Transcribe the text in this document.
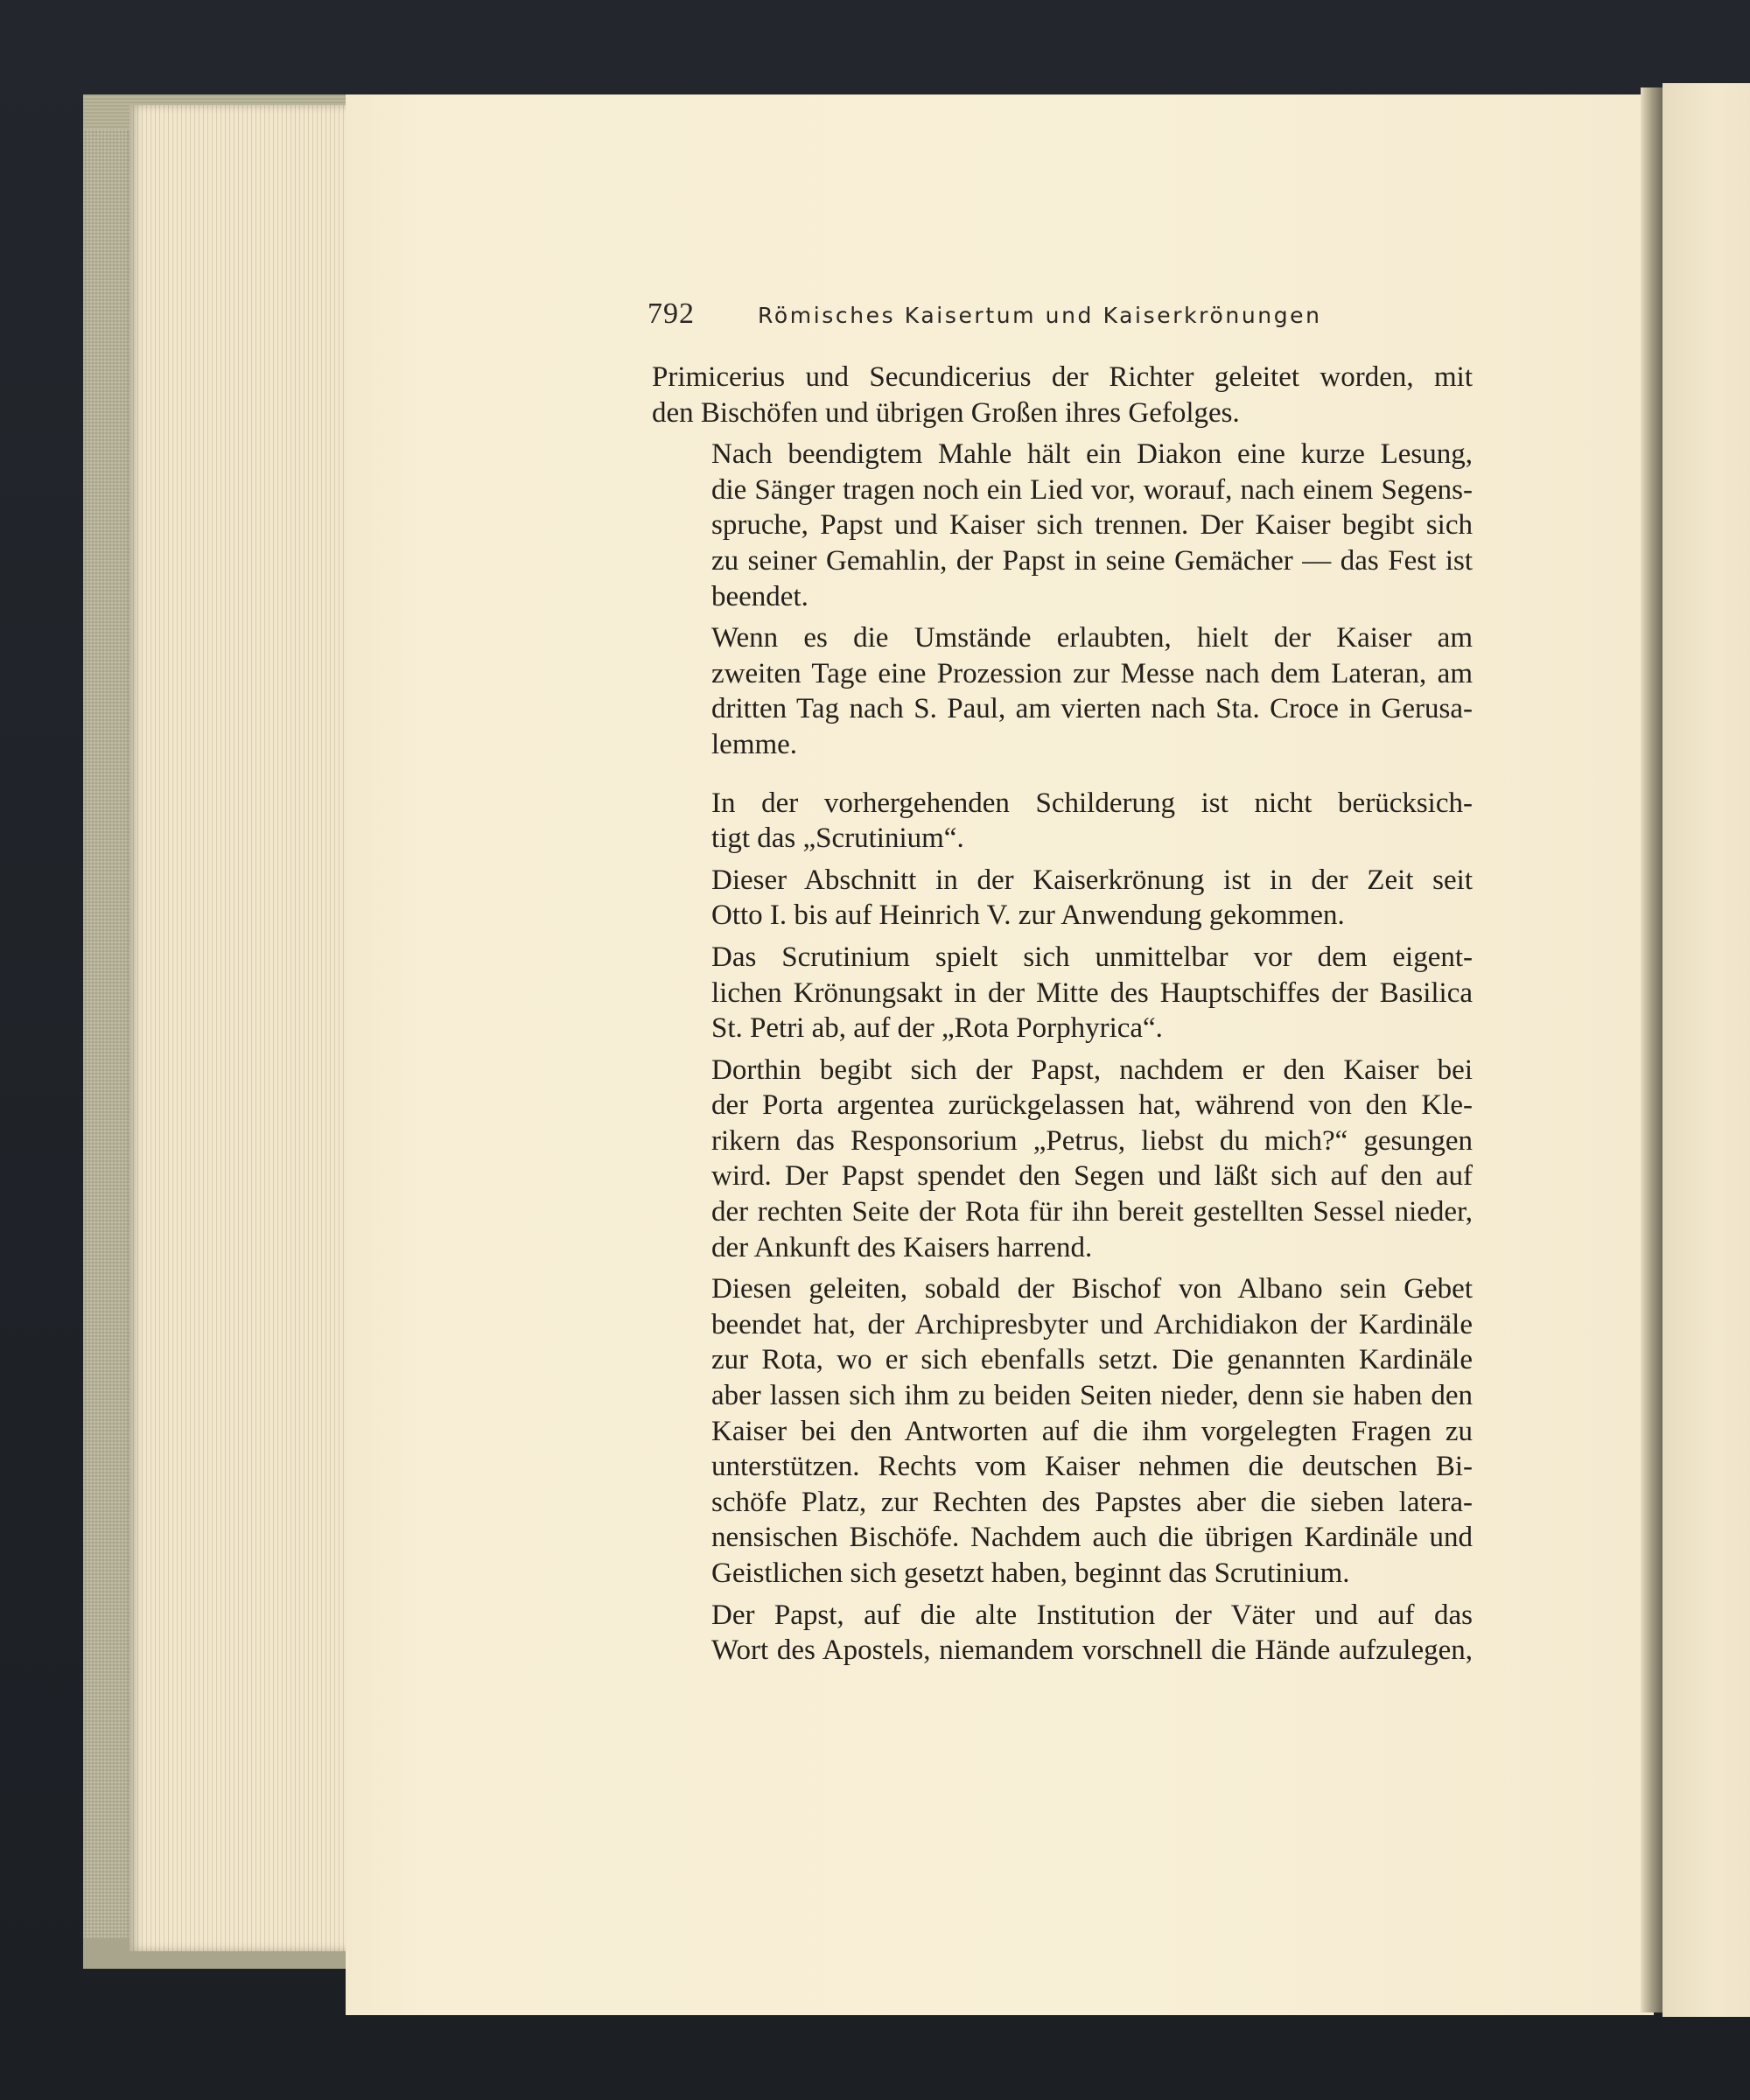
792	Römisches Kaisertum und Kaiserkrönungen

Primicerius und Secundicerius der Richter geleitet worden, mit
den Bischöfen und übrigen Großen ihres Gefolges.

Nach beendigtem Mahle hält ein Diakon eine kurze Lesung,
die Sänger tragen noch ein Lied vor, worauf, nach einem Segens-
spruche, Papst und Kaiser sich trennen. Der Kaiser begibt sich
zu seiner Gemahlin, der Papst in seine Gemächer — das Fest ist
beendet.

Wenn es die Umstände erlaubten, hielt der Kaiser am
zweiten Tage eine Prozession zur Messe nach dem Lateran, am
dritten Tag nach S. Paul, am vierten nach Sta. Croce in Gerusa-
lemme.

In der vorhergehenden Schilderung ist nicht berücksich-
tigt das „Scrutinium“.

Dieser Abschnitt in der Kaiserkrönung ist in der Zeit seit
Otto I. bis auf Heinrich V. zur Anwendung gekommen.

Das Scrutinium spielt sich unmittelbar vor dem eigent-
lichen Krönungsakt in der Mitte des Hauptschiffes der Basilica
St. Petri ab, auf der „Rota Porphyrica“.

Dorthin begibt sich der Papst, nachdem er den Kaiser bei
der Porta argentea zurückgelassen hat, während von den Kle-
rikern das Responsorium „Petrus, liebst du mich?“ gesungen
wird. Der Papst spendet den Segen und läßt sich auf den auf
der rechten Seite der Rota für ihn bereit gestellten Sessel nieder,
der Ankunft des Kaisers harrend.

Diesen geleiten, sobald der Bischof von Albano sein Gebet
beendet hat, der Archipresbyter und Archidiakon der Kardinäle
zur Rota, wo er sich ebenfalls setzt. Die genannten Kardinäle
aber lassen sich ihm zu beiden Seiten nieder, denn sie haben den
Kaiser bei den Antworten auf die ihm vorgelegten Fragen zu
unterstützen. Rechts vom Kaiser nehmen die deutschen Bi-
schöfe Platz, zur Rechten des Papstes aber die sieben latera-
nensischen Bischöfe. Nachdem auch die übrigen Kardinäle und
Geistlichen sich gesetzt haben, beginnt das Scrutinium.

Der Papst, auf die alte Institution der Väter und auf das
Wort des Apostels, niemandem vorschnell die Hände aufzulegen,
